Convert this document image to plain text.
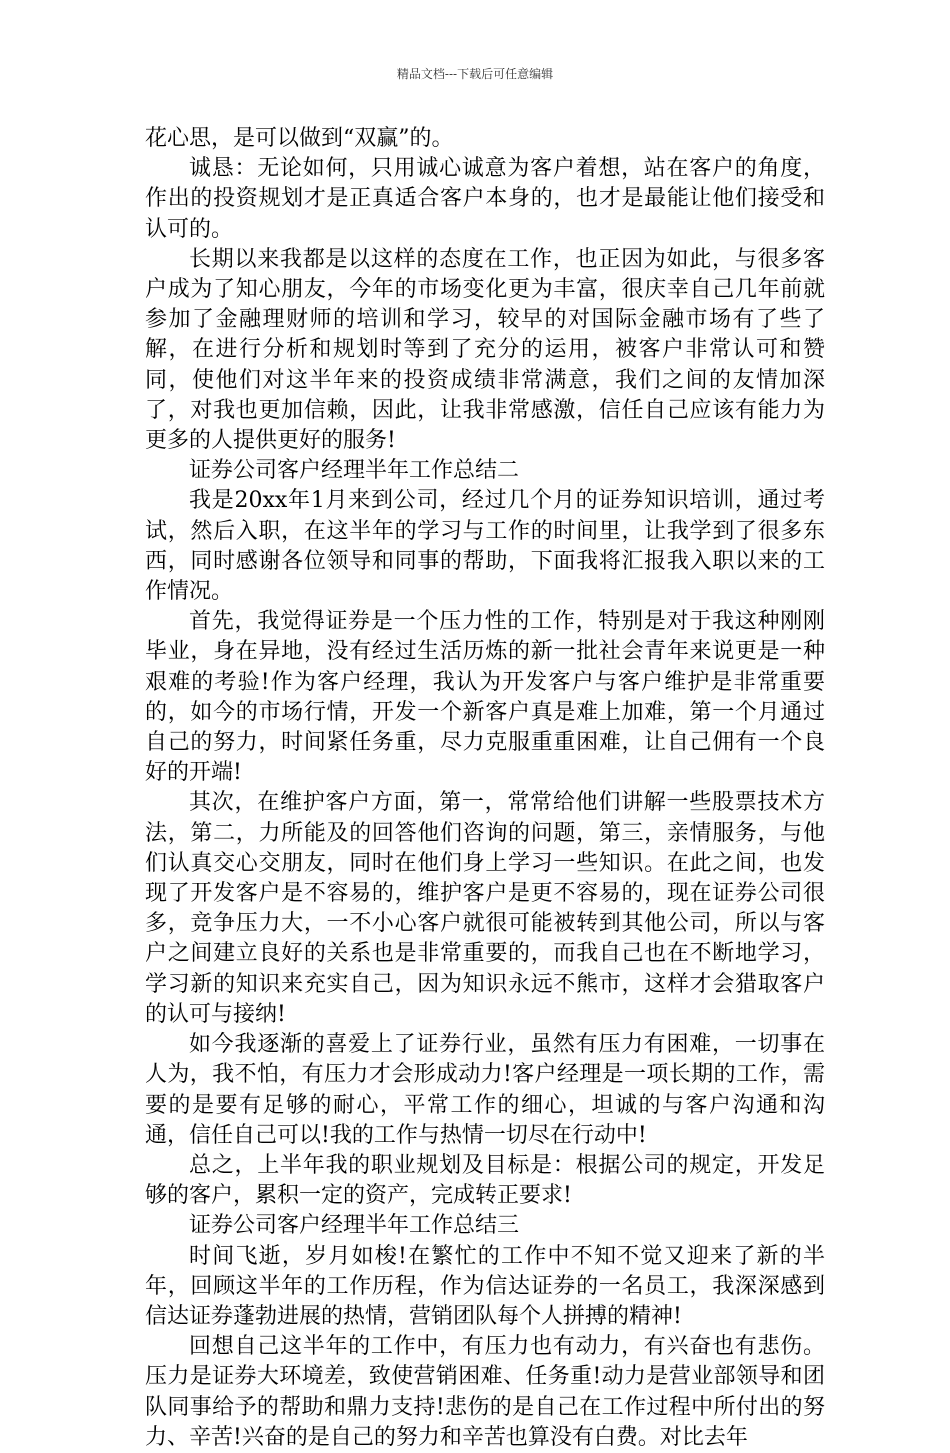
精品文档---下载后可任意编辑

花心思，是可以做到“双赢”的。

诚恳：无论如何，只用诚心诚意为客户着想，站在客户的角度，作出的投资规划才是正真适合客户本身的，也才是最能让他们接受和认可的。

长期以来我都是以这样的态度在工作，也正因为如此，与很多客户成为了知心朋友，今年的市场变化更为丰富，很庆幸自己几年前就参加了金融理财师的培训和学习，较早的对国际金融市场有了些了解，在进行分析和规划时等到了充分的运用，被客户非常认可和赞同，使他们对这半年来的投资成绩非常满意，我们之间的友情加深了，对我也更加信赖，因此，让我非常感激，信任自己应该有能力为更多的人提供更好的服务!

证券公司客户经理半年工作总结二

我是20xx年1月来到公司，经过几个月的证券知识培训，通过考试，然后入职，在这半年的学习与工作的时间里，让我学到了很多东西，同时感谢各位领导和同事的帮助，下面我将汇报我入职以来的工作情况。

首先，我觉得证券是一个压力性的工作，特别是对于我这种刚刚毕业，身在异地，没有经过生活历炼的新一批社会青年来说更是一种艰难的考验!作为客户经理，我认为开发客户与客户维护是非常重要的，如今的市场行情，开发一个新客户真是难上加难，第一个月通过自己的努力，时间紧任务重，尽力克服重重困难，让自己佣有一个良好的开端!

其次，在维护客户方面，第一，常常给他们讲解一些股票技术方法，第二，力所能及的回答他们咨询的问题，第三，亲情服务，与他们认真交心交朋友，同时在他们身上学习一些知识。在此之间，也发现了开发客户是不容易的，维护客户是更不容易的，现在证券公司很多，竞争压力大，一不小心客户就很可能被转到其他公司，所以与客户之间建立良好的关系也是非常重要的，而我自己也在不断地学习，学习新的知识来充实自己，因为知识永远不熊市，这样才会猎取客户的认可与接纳!

如今我逐渐的喜爱上了证券行业，虽然有压力有困难，一切事在人为，我不怕，有压力才会形成动力!客户经理是一项长期的工作，需要的是要有足够的耐心，平常工作的细心，坦诚的与客户沟通和沟通，信任自己可以!我的工作与热情一切尽在行动中!

总之，上半年我的职业规划及目标是：根据公司的规定，开发足够的客户，累积一定的资产，完成转正要求!

证券公司客户经理半年工作总结三

时间飞逝，岁月如梭!在繁忙的工作中不知不觉又迎来了新的半年，回顾这半年的工作历程，作为信达证券的一名员工，我深深感到信达证券蓬勃进展的热情，营销团队每个人拼搏的精神!

回想自己这半年的工作中，有压力也有动力，有兴奋也有悲伤。压力是证券大环境差，致使营销困难、任务重!动力是营业部领导和团队同事给予的帮助和鼎力支持!悲伤的是自己在工作过程中所付出的努力、辛苦!兴奋的是自己的努力和辛苦也算没有白费。对比去年
